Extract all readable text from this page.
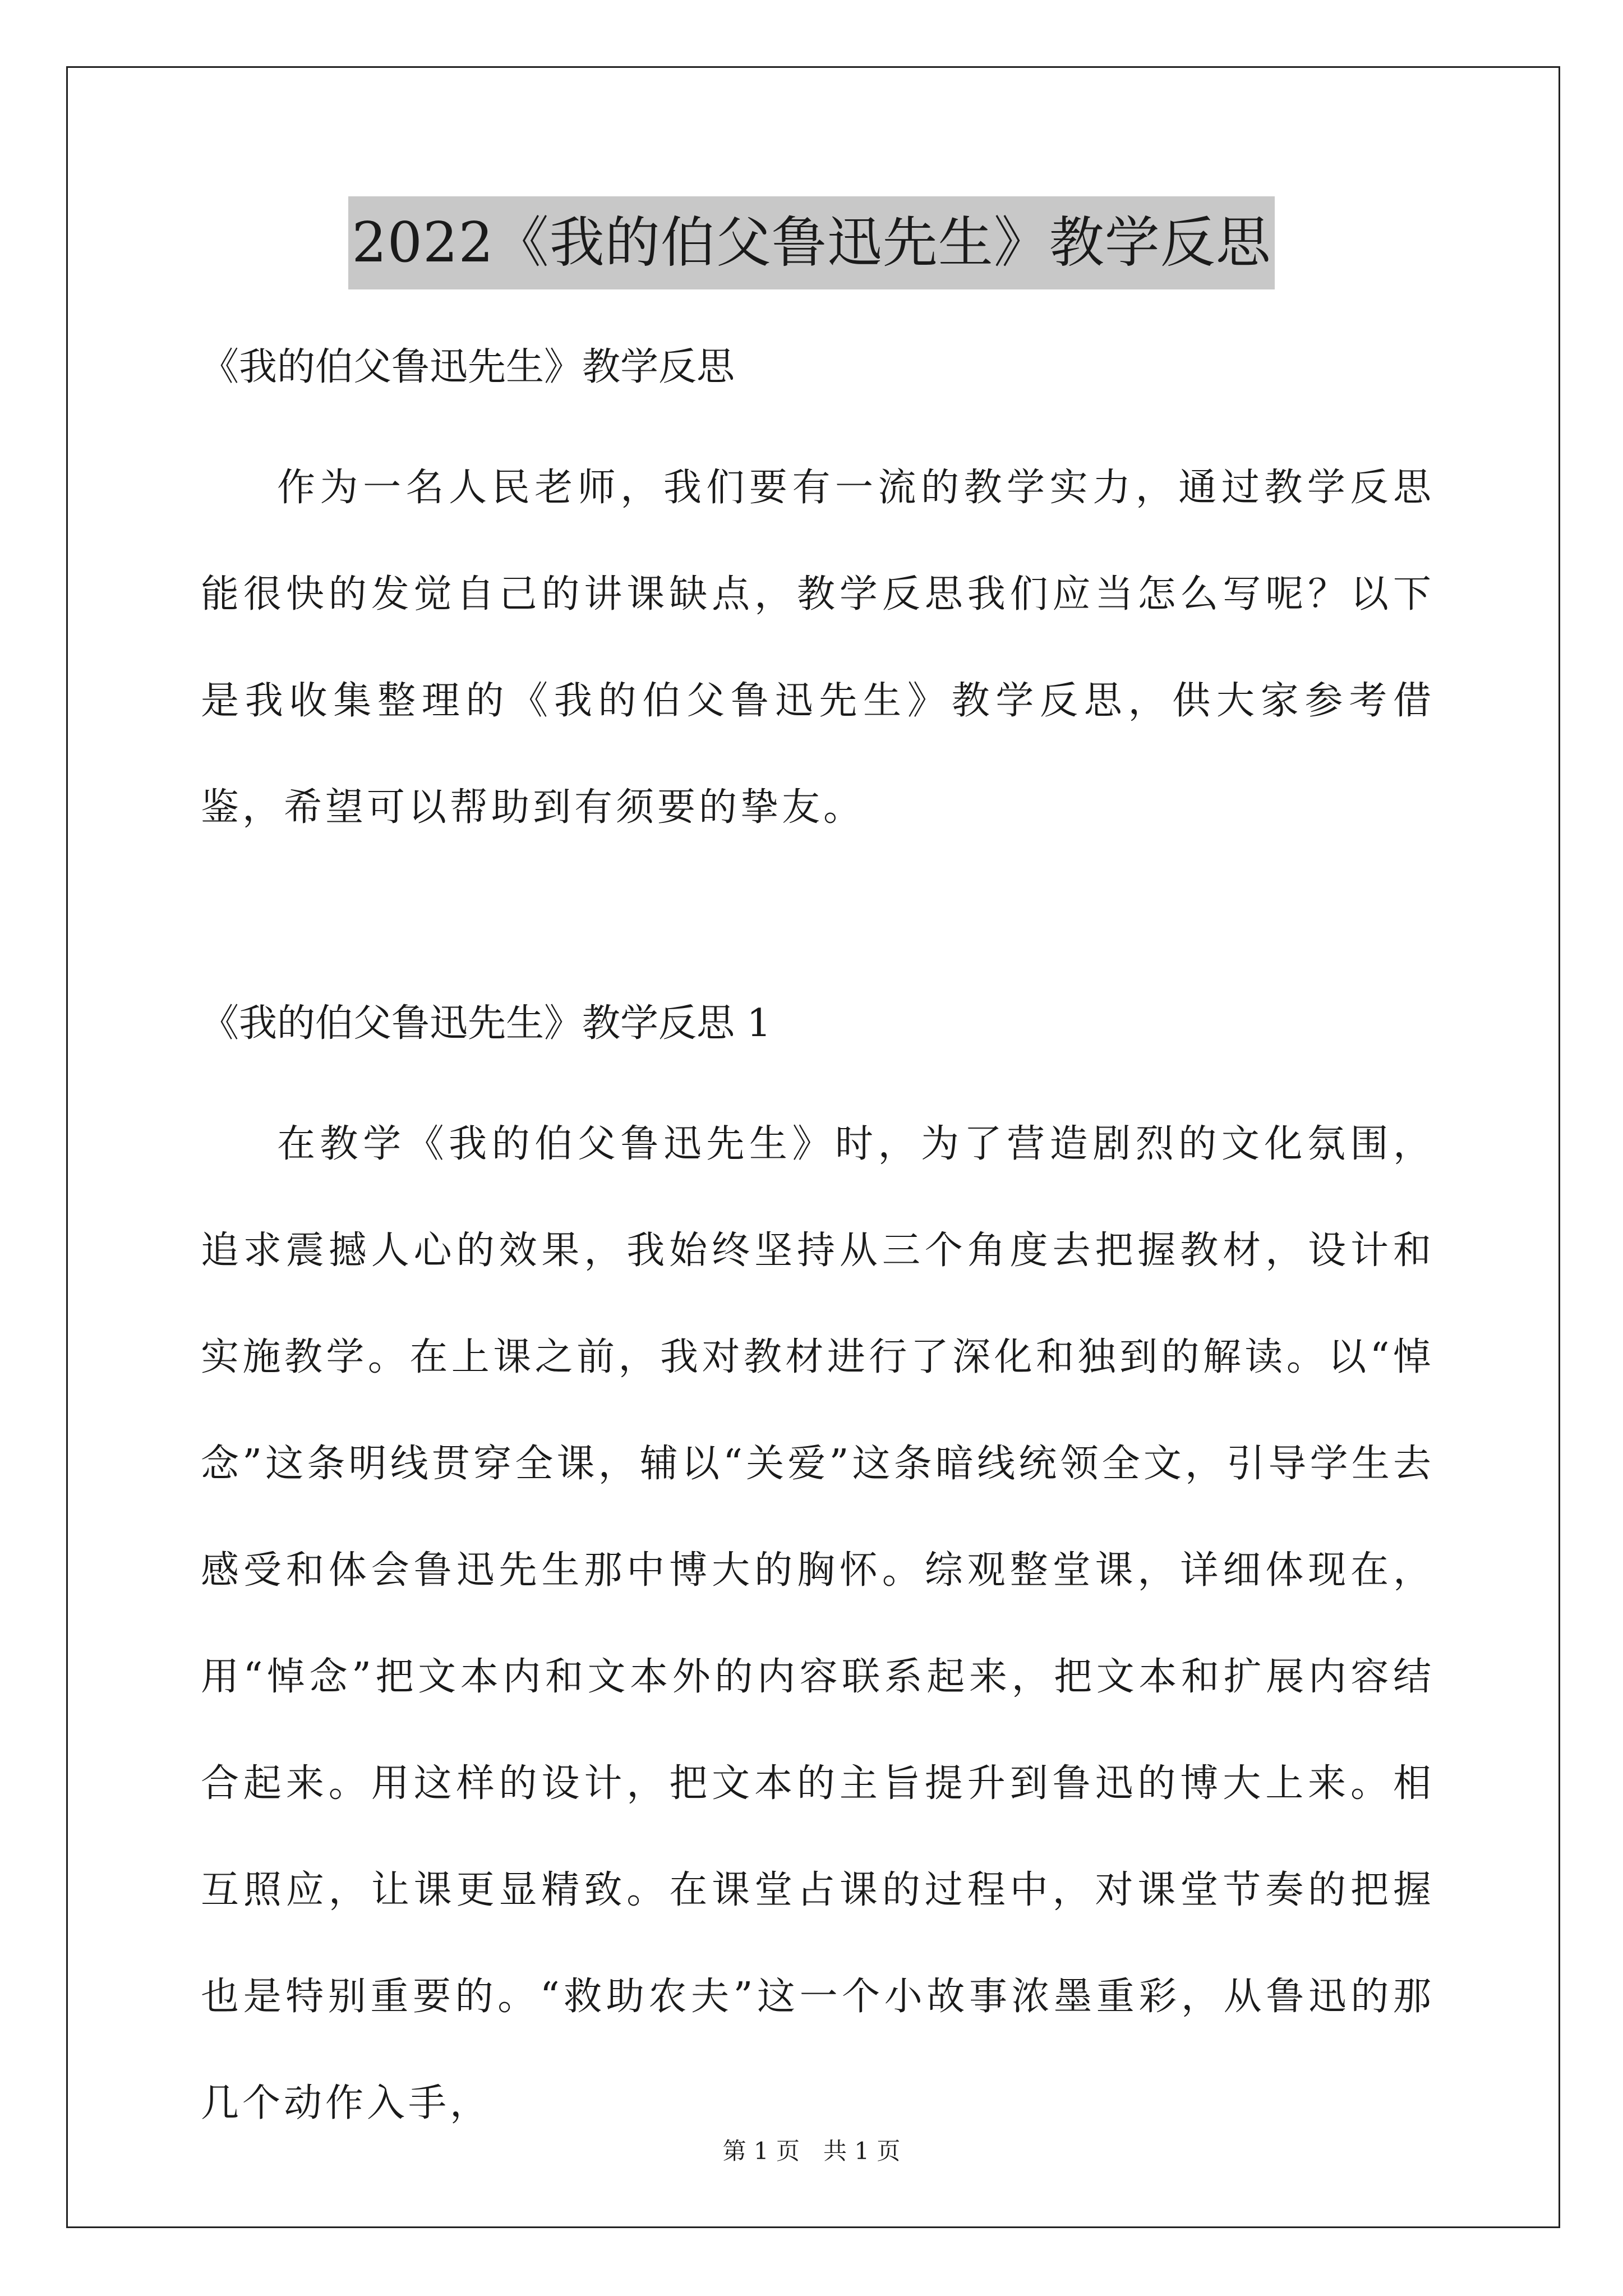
2022《我的伯父鲁迅先生》教学反思
《我的伯父鲁迅先生》教学反思
作为一名人民老师，我们要有一流的教学实力，通过教学反思能很快的发觉自己的讲课缺点，教学反思我们应当怎么写呢？以下是我收集整理的《我的伯父鲁迅先生》教学反思，供大家参考借鉴，希望可以帮助到有须要的挚友。
《我的伯父鲁迅先生》教学反思 1
在教学《我的伯父鲁迅先生》时，为了营造剧烈的文化氛围，追求震撼人心的效果，我始终坚持从三个角度去把握教材，设计和实施教学。在上课之前，我对教材进行了深化和独到的解读。以“悼念”这条明线贯穿全课，辅以“关爱”这条暗线统领全文，引导学生去感受和体会鲁迅先生那中博大的胸怀。综观整堂课，详细体现在，用“悼念”把文本内和文本外的内容联系起来，把文本和扩展内容结合起来。用这样的设计，把文本的主旨提升到鲁迅的博大上来。相互照应，让课更显精致。在课堂占课的过程中，对课堂节奏的把握也是特别重要的。“救助农夫”这一个小故事浓墨重彩，从鲁迅的那几个动作入手，
第 1 页　共 1 页
